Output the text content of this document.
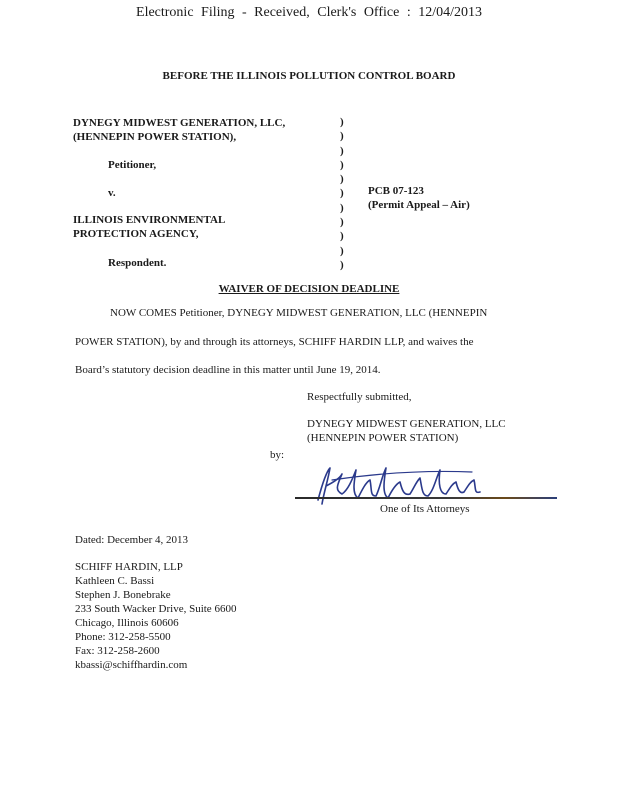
Electronic Filing - Received, Clerk's Office : 12/04/2013
BEFORE THE ILLINOIS POLLUTION CONTROL BOARD
DYNEGY MIDWEST GENERATION, LLC,
(HENNEPIN POWER STATION),
Petitioner,
v.
ILLINOIS ENVIRONMENTAL
PROTECTION AGENCY,
Respondent.
)
)
)
)
)
)
)
)
)
)
)
PCB 07-123
(Permit Appeal – Air)
WAIVER OF DECISION DEADLINE
NOW COMES Petitioner, DYNEGY MIDWEST GENERATION, LLC (HENNEPIN
POWER STATION), by and through its attorneys, SCHIFF HARDIN LLP, and waives the
Board’s statutory decision deadline in this matter until June 19, 2014.
Respectfully submitted,
DYNEGY MIDWEST GENERATION, LLC
(HENNEPIN POWER STATION)
by:
One of Its Attorneys
Dated: December 4, 2013
SCHIFF HARDIN, LLP
Kathleen C. Bassi
Stephen J. Bonebrake
233 South Wacker Drive, Suite 6600
Chicago, Illinois 60606
Phone: 312-258-5500
Fax: 312-258-2600
kbassi@schiffhardin.com
